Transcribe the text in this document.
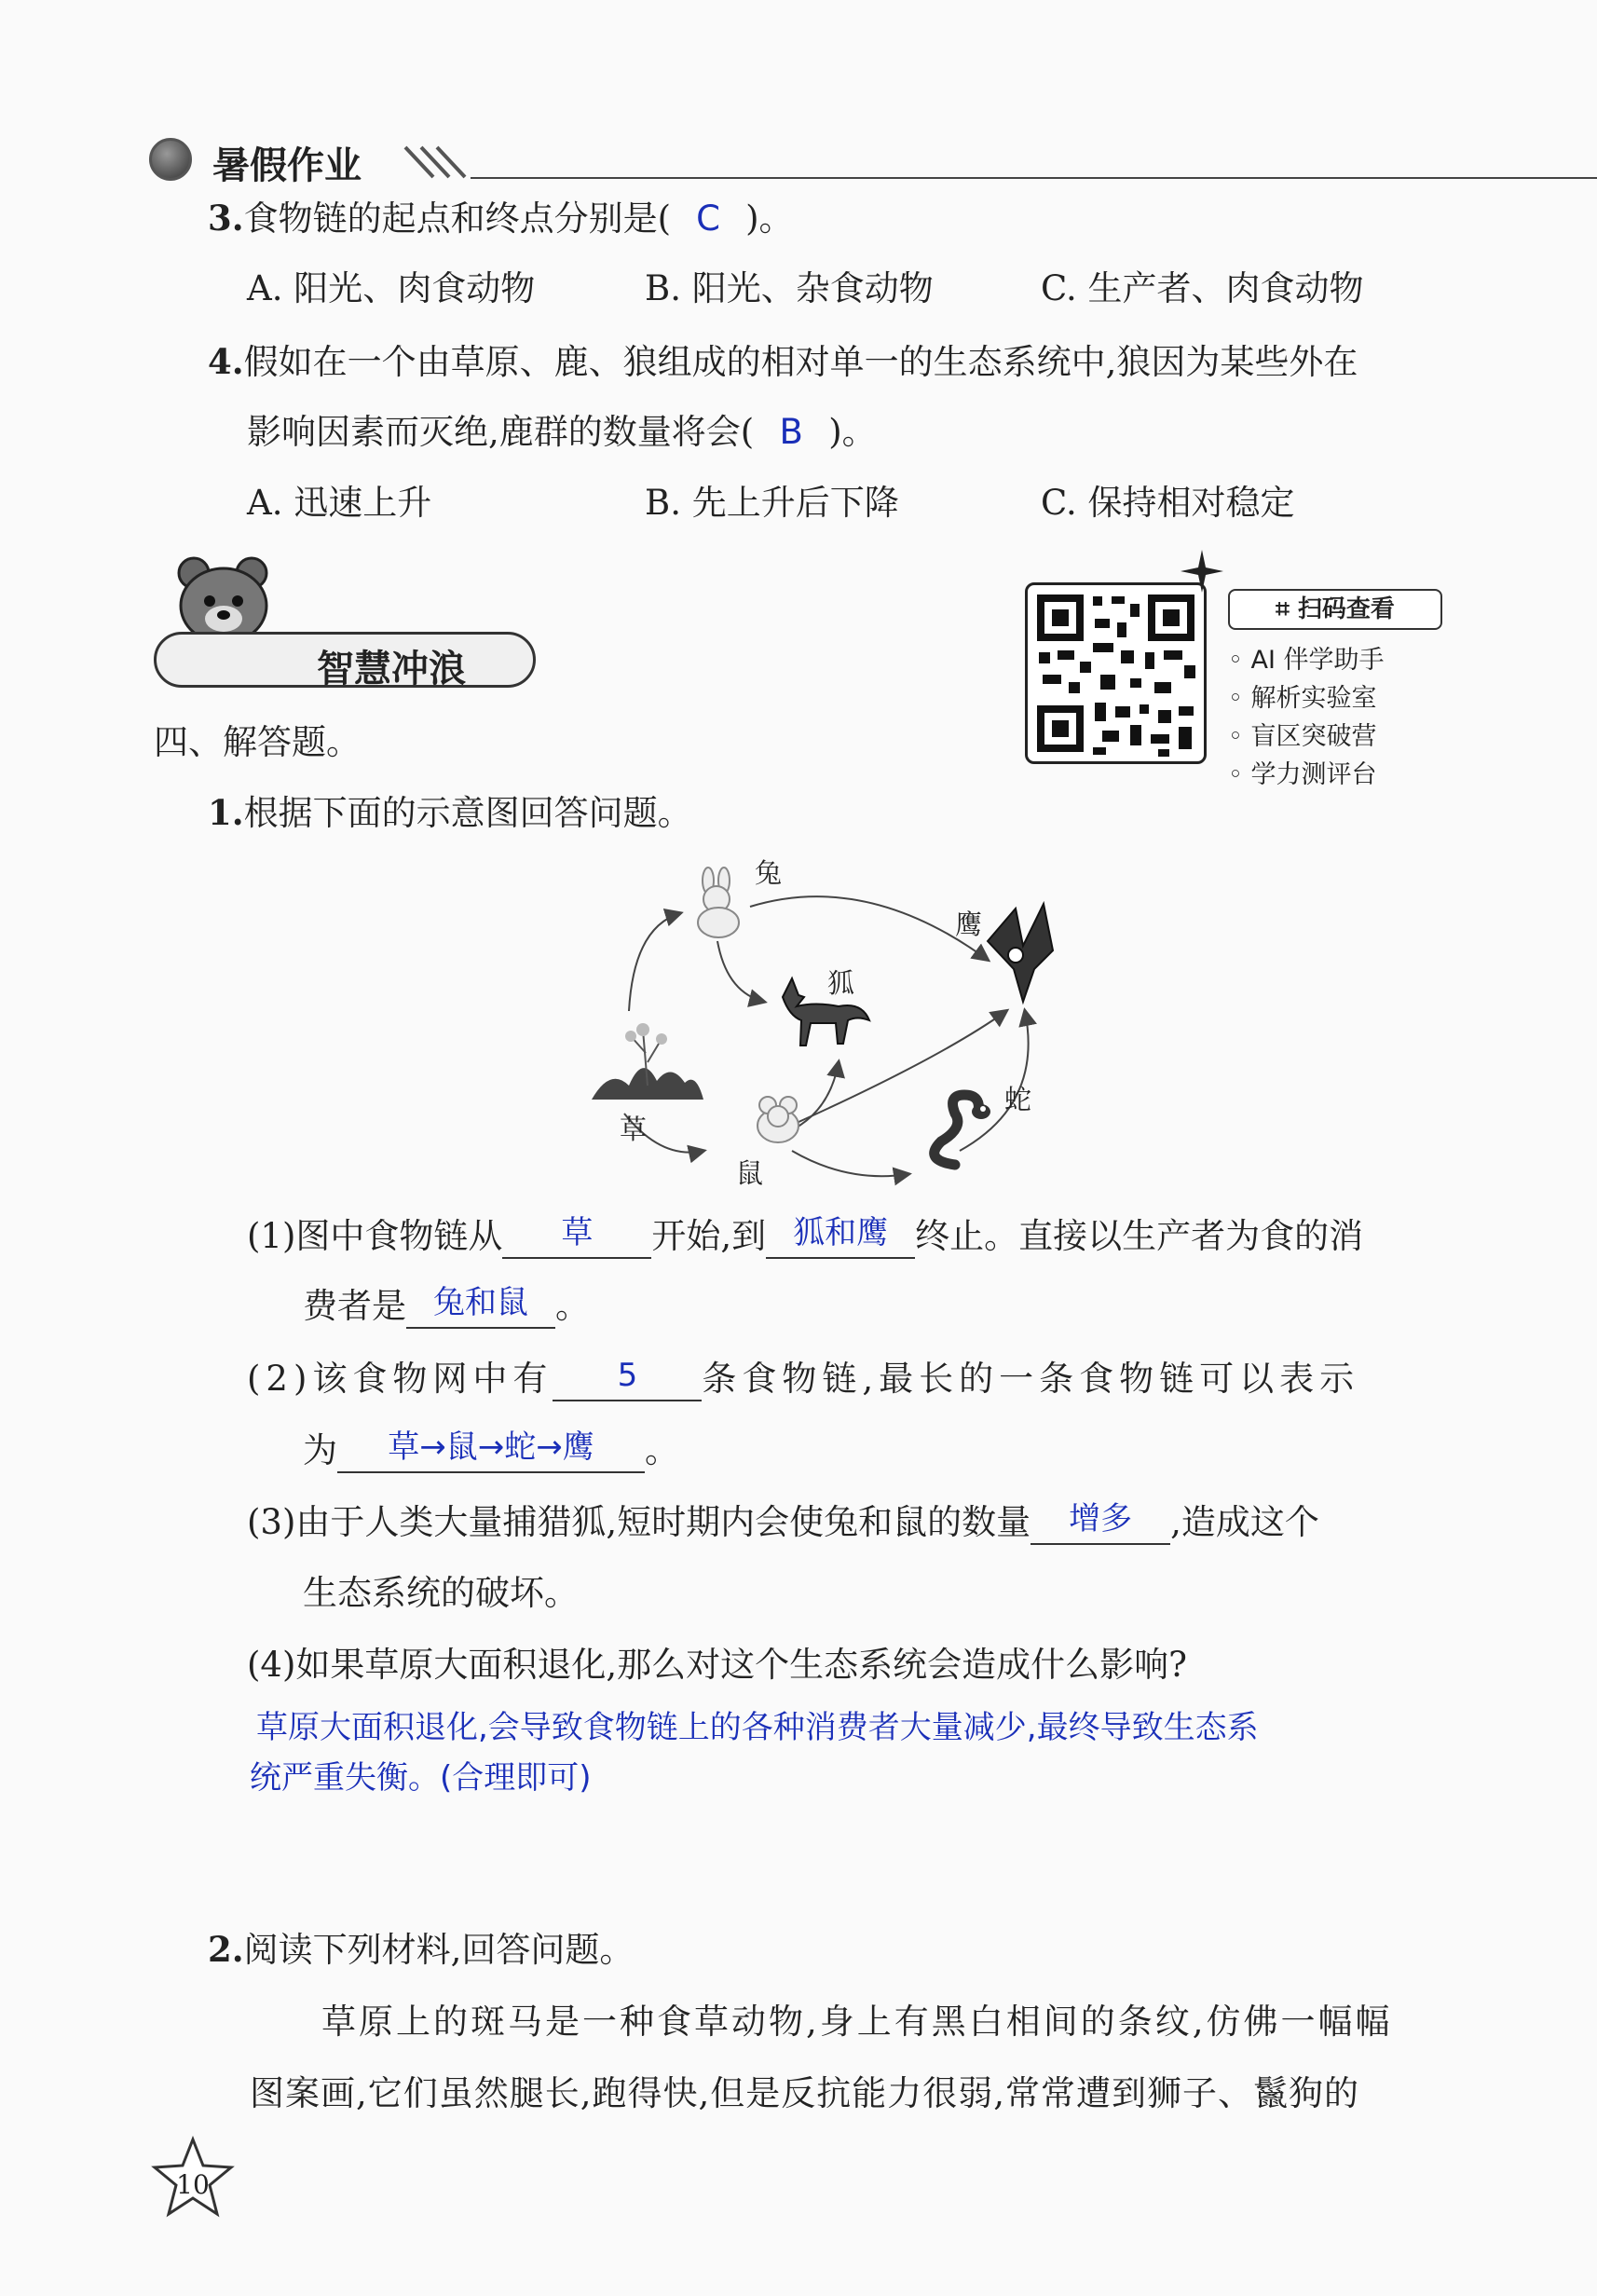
暑假作业
3.食物链的起点和终点分别是( C )。
A. 阳光、肉食动物	B. 阳光、杂食动物	C. 生产者、肉食动物
4.假如在一个由草原、鹿、狼组成的相对单一的生态系统中,狼因为某些外在
影响因素而灭绝,鹿群的数量将会( B )。
A. 迅速上升	B. 先上升后下降	C. 保持相对稳定
智慧冲浪
⌗ 扫码查看
◦ AI 伴学助手
◦ 解析实验室
◦ 盲区突破营
◦ 学力测评台
四、解答题。
1.根据下面的示意图回答问题。
兔
鹰
狐
草
鼠
蛇
(1)图中食物链从	草	开始,到 狐和鹰 终止。直接以生产者为食的消
费者是 兔和鼠 。
(2)该食物网中有	5	条食物链,最长的一条食物链可以表示
为	草→鼠→蛇→鹰	。
(3)由于人类大量捕猎狐,短时期内会使兔和鼠的数量	增多	,造成这个
生态系统的破坏。
(4)如果草原大面积退化,那么对这个生态系统会造成什么影响?
草原大面积退化,会导致食物链上的各种消费者大量减少,最终导致生态系
统严重失衡。(合理即可)
2.阅读下列材料,回答问题。
草原上的斑马是一种食草动物,身上有黑白相间的条纹,仿佛一幅幅
图案画,它们虽然腿长,跑得快,但是反抗能力很弱,常常遭到狮子、鬣狗的
10
